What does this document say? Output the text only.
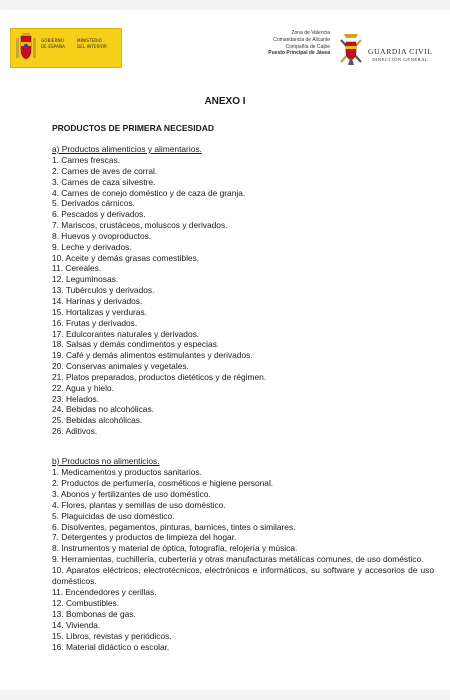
GOBIERNO
DE ESPAÑA
MINISTERIO
DEL INTERIOR
Zona de Valencia
Comandancia de Alicante
Compañía de Calpe
Puesto Principal de Jávea	GUARDIA CIVIL
DIRECCIÓN GENERAL
ANEXO I
PRODUCTOS DE PRIMERA NECESIDAD
a) Productos alimenticios y alimentarios.
1. Carnes frescas.
2. Carnes de aves de corral.
3. Carnes de caza silvestre.
4. Carnes de conejo doméstico y de caza de granja.
5. Derivados cárnicos.
6. Pescados y derivados.
7. Mariscos, crustáceos, moluscos y derivados.
8. Huevos y ovoproductos.
9. Leche y derivados.
10. Aceite y demás grasas comestibles.
11. Cereales.
12. Leguminosas.
13. Tubérculos y derivados.
14. Harinas y derivados.
15. Hortalizas y verduras.
16. Frutas y derivados.
17. Edulcorantes naturales y derivados.
18. Salsas y demás condimentos y especias.
19. Café y demás alimentos estimulantes y derivados.
20. Conservas animales y vegetales.
21. Platos preparados, productos dietéticos y de régimen.
22. Agua y hielo.
23. Helados.
24. Bebidas no alcohólicas.
25. Bebidas alcohólicas.
26. Aditivos.
b) Productos no alimenticios.
1. Medicamentos y productos sanitarios.
2. Productos de perfumería, cosméticos e higiene personal.
3. Abonos y fertilizantes de uso doméstico.
4. Flores, plantas y semillas de uso doméstico.
5. Plaguicidas de uso doméstico.
6. Disolventes, pegamentos, pinturas, barnices, tintes o similares.
7. Detergentes y productos de limpieza del hogar.
8. Instrumentos y material de óptica, fotografía, relojería y música.
9. Herramientas, cuchillería, cubertería y otras manufacturas metálicas comunes, de uso doméstico.
10. Aparatos eléctricos, electrotécnicos, electrónicos e informáticos, su software y accesorios de uso domésticos.
11. Encendedores y cerillas.
12. Combustibles.
13. Bombonas de gas.
14. Vivienda.
15. Libros, revistas y periódicos.
16. Material didáctico o escolar.
